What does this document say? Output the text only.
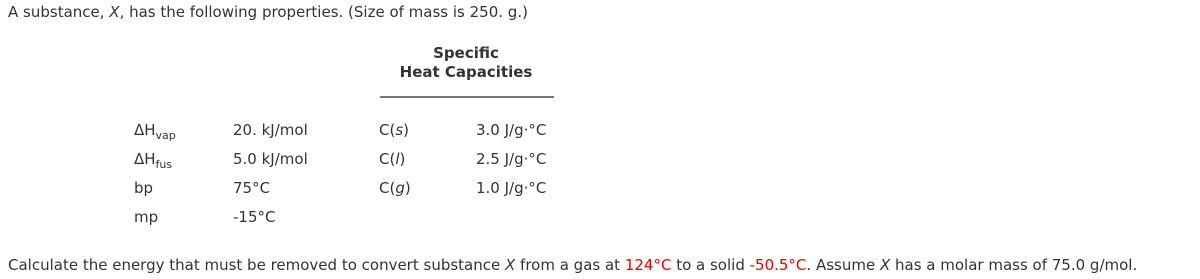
A substance, X, has the following properties. (Size of mass is 250. g.)
Specific
Heat Capacities
$\Delta H_{vap}$	20. kJ/mol	C(s)	3.0 J/g·°C
$\Delta H_{fus}$	5.0 kJ/mol	C(l)	2.5 J/g·°C
bp	75°C	C(g)	1.0 J/g·°C
mp	-15°C
Calculate the energy that must be removed to convert substance X from a gas at 124°C to a solid -50.5°C. Assume X has a molar mass of 75.0 g/mol.
